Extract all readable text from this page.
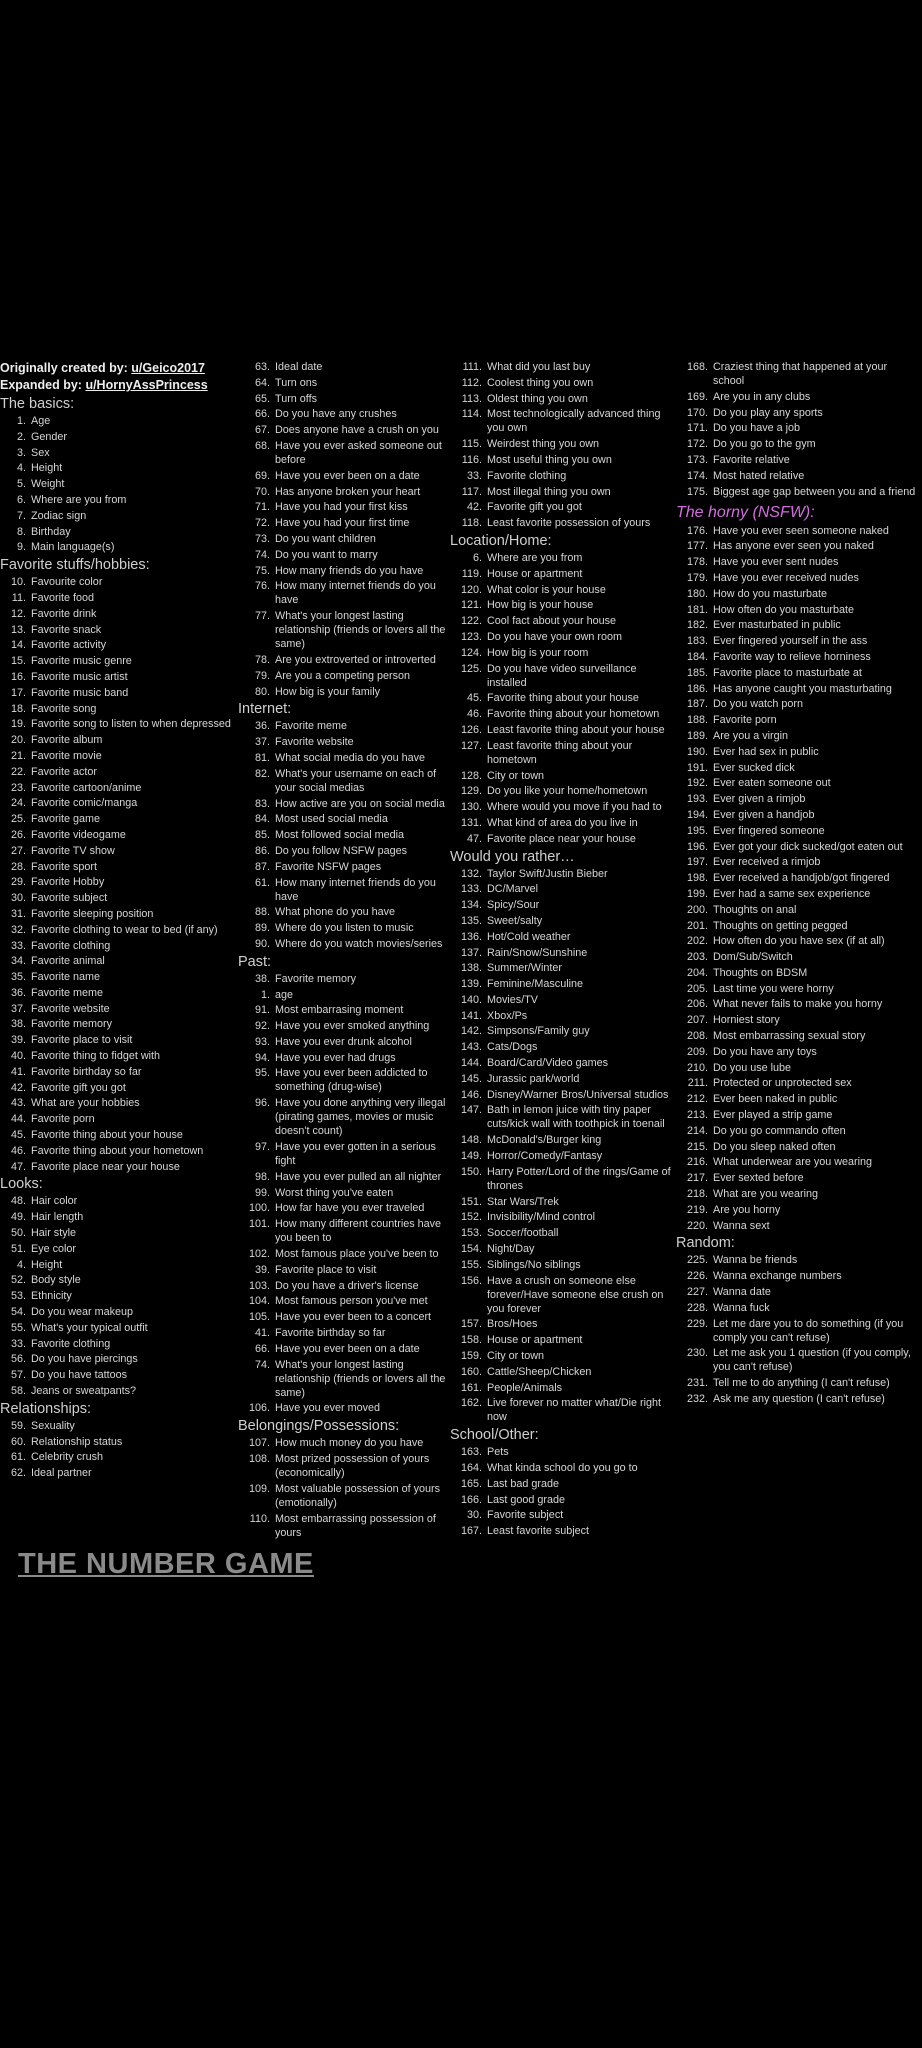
Originally created by: u/Geico2017
Expanded by: u/HornyAssPrincess
The basics:
1. Age
2. Gender
3. Sex
4. Height
5. Weight
6. Where are you from
7. Zodiac sign
8. Birthday
9. Main language(s)
Favorite stuffs/hobbies:
10. Favourite color
11. Favorite food
12. Favorite drink
13. Favorite snack
14. Favorite activity
15. Favorite music genre
16. Favorite music artist
17. Favorite music band
18. Favorite song
19. Favorite song to listen to when depressed
20. Favorite album
21. Favorite movie
22. Favorite actor
23. Favorite cartoon/anime
24. Favorite comic/manga
25. Favorite game
26. Favorite videogame
27. Favorite TV show
28. Favorite sport
29. Favorite Hobby
30. Favorite subject
31. Favorite sleeping position
32. Favorite clothing to wear to bed (if any)
33. Favorite clothing
34. Favorite animal
35. Favorite name
36. Favorite meme
37. Favorite website
38. Favorite memory
39. Favorite place to visit
40. Favorite thing to fidget with
41. Favorite birthday so far
42. Favorite gift you got
43. What are your hobbies
44. Favorite porn
45. Favorite thing about your house
46. Favorite thing about your hometown
47. Favorite place near your house
Looks:
48. Hair color
49. Hair length
50. Hair style
51. Eye color
4. Height
52. Body style
53. Ethnicity
54. Do you wear makeup
55. What's your typical outfit
33. Favorite clothing
56. Do you have piercings
57. Do you have tattoos
58. Jeans or sweatpants?
Relationships:
59. Sexuality
60. Relationship status
61. Celebrity crush
62. Ideal partner
63. Ideal date
64. Turn ons
65. Turn offs
66. Do you have any crushes
67. Does anyone have a crush on you
68. Have you ever asked someone out before
69. Have you ever been on a date
70. Has anyone broken your heart
71. Have you had your first kiss
72. Have you had your first time
73. Do you want children
74. Do you want to marry
75. How many friends do you have
76. How many internet friends do you have
77. What's your longest lasting relationship (friends or lovers all the same)
78. Are you extroverted or introverted
79. Are you a competing person
80. How big is your family
Internet:
36. Favorite meme
37. Favorite website
81. What social media do you have
82. What's your username on each of your social medias
83. How active are you on social media
84. Most used social media
85. Most followed social media
86. Do you follow NSFW pages
87. Favorite NSFW pages
61. How many internet friends do you have
88. What phone do you have
89. Where do you listen to music
90. Where do you watch movies/series
Past:
38. Favorite memory
1. age
91. Most embarrasing moment
92. Have you ever smoked anything
93. Have you ever drunk alcohol
94. Have you ever had drugs
95. Have you ever been addicted to something (drug-wise)
96. Have you done anything very illegal (pirating games, movies or music doesn't count)
97. Have you ever gotten in a serious fight
98. Have you ever pulled an all nighter
99. Worst thing you've eaten
100. How far have you ever traveled
101. How many different countries have you been to
102. Most famous place you've been to
39. Favorite place to visit
103. Do you have a driver's license
104. Most famous person you've met
105. Have you ever been to a concert
41. Favorite birthday so far
66. Have you ever been on a date
74. What's your longest lasting relationship (friends or lovers all the same)
106. Have you ever moved
Belongings/Possessions:
107. How much money do you have
108. Most prized possession of yours (economically)
109. Most valuable possession of yours (emotionally)
110. Most embarrassing possession of yours
111. What did you last buy
112. Coolest thing you own
113. Oldest thing you own
114. Most technologically advanced thing you own
115. Weirdest thing you own
116. Most useful thing you own
33. Favorite clothing
117. Most illegal thing you own
42. Favorite gift you got
118. Least favorite possession of yours
Location/Home:
6. Where are you from
119. House or apartment
120. What color is your house
121. How big is your house
122. Cool fact about your house
123. Do you have your own room
124. How big is your room
125. Do you have video surveillance installed
45. Favorite thing about your house
46. Favorite thing about your hometown
126. Least favorite thing about your house
127. Least favorite thing about your hometown
128. City or town
129. Do you like your home/hometown
130. Where would you move if you had to
131. What kind of area do you live in
47. Favorite place near your house
Would you rather…
132. Taylor Swift/Justin Bieber
133. DC/Marvel
134. Spicy/Sour
135. Sweet/salty
136. Hot/Cold weather
137. Rain/Snow/Sunshine
138. Summer/Winter
139. Feminine/Masculine
140. Movies/TV
141. Xbox/Ps
142. Simpsons/Family guy
143. Cats/Dogs
144. Board/Card/Video games
145. Jurassic park/world
146. Disney/Warner Bros/Universal studios
147. Bath in lemon juice with tiny paper cuts/kick wall with toothpick in toenail
148. McDonald's/Burger king
149. Horror/Comedy/Fantasy
150. Harry Potter/Lord of the rings/Game of thrones
151. Star Wars/Trek
152. Invisibility/Mind control
153. Soccer/football
154. Night/Day
155. Siblings/No siblings
156. Have a crush on someone else forever/Have someone else crush on you forever
157. Bros/Hoes
158. House or apartment
159. City or town
160. Cattle/Sheep/Chicken
161. People/Animals
162. Live forever no matter what/Die right now
School/Other:
163. Pets
164. What kinda school do you go to
165. Last bad grade
166. Last good grade
30. Favorite subject
167. Least favorite subject
168. Craziest thing that happened at your school
169. Are you in any clubs
170. Do you play any sports
171. Do you have a job
172. Do you go to the gym
173. Favorite relative
174. Most hated relative
175. Biggest age gap between you and a friend
The horny (NSFW):
176. Have you ever seen someone naked
177. Has anyone ever seen you naked
178. Have you ever sent nudes
179. Have you ever received nudes
180. How do you masturbate
181. How often do you masturbate
182. Ever masturbated in public
183. Ever fingered yourself in the ass
184. Favorite way to relieve horniness
185. Favorite place to masturbate at
186. Has anyone caught you masturbating
187. Do you watch porn
188. Favorite porn
189. Are you a virgin
190. Ever had sex in public
191. Ever sucked dick
192. Ever eaten someone out
193. Ever given a rimjob
194. Ever given a handjob
195. Ever fingered someone
196. Ever got your dick sucked/got eaten out
197. Ever received a rimjob
198. Ever received a handjob/got fingered
199. Ever had a same sex experience
200. Thoughts on anal
201. Thoughts on getting pegged
202. How often do you have sex (if at all)
203. Dom/Sub/Switch
204. Thoughts on BDSM
205. Last time you were horny
206. What never fails to make you horny
207. Horniest story
208. Most embarrassing sexual story
209. Do you have any toys
210. Do you use lube
211. Protected or unprotected sex
212. Ever been naked in public
213. Ever played a strip game
214. Do you go commando often
215. Do you sleep naked often
216. What underwear are you wearing
217. Ever sexted before
218. What are you wearing
219. Are you horny
220. Wanna sext
Random:
225. Wanna be friends
226. Wanna exchange numbers
227. Wanna date
228. Wanna fuck
229. Let me dare you to do something (if you comply you can't refuse)
230. Let me ask you 1 question (if you comply, you can't refuse)
231. Tell me to do anything (I can't refuse)
232. Ask me any question (I can't refuse)
THE NUMBER GAME
